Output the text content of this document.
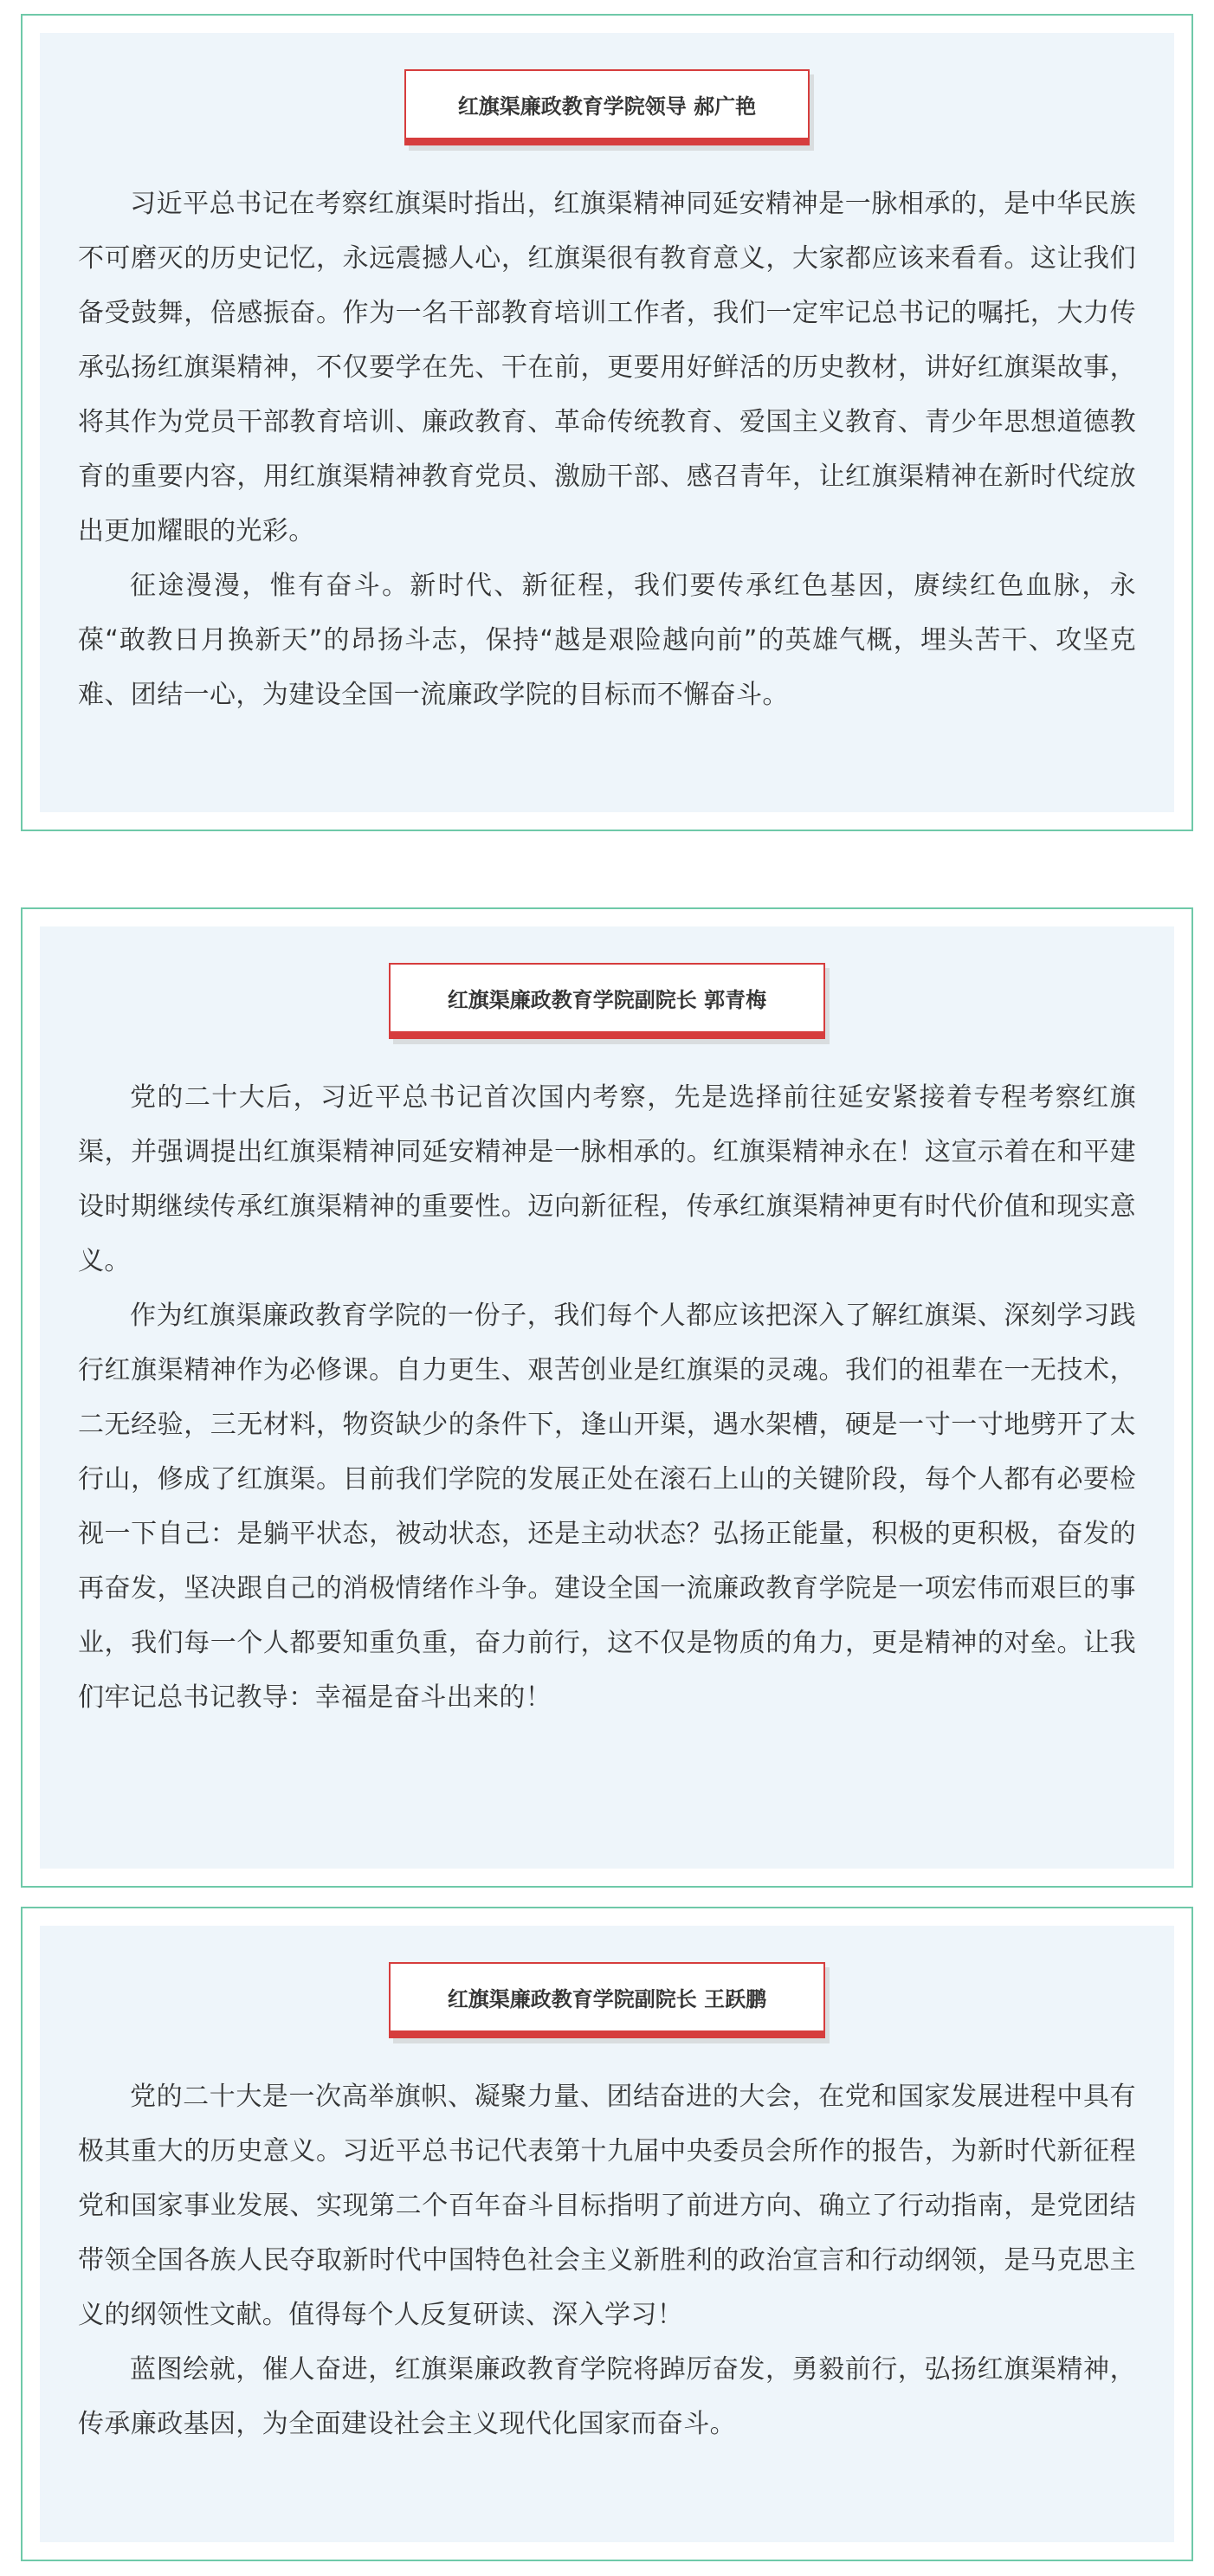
红旗渠廉政教育学院领导 郝广艳

习近平总书记在考察红旗渠时指出，红旗渠精神同延安精神是一脉相承的，是中华民族不可磨灭的历史记忆，永远震撼人心，红旗渠很有教育意义，大家都应该来看看。这让我们备受鼓舞，倍感振奋。作为一名干部教育培训工作者，我们一定牢记总书记的嘱托，大力传承弘扬红旗渠精神，不仅要学在先、干在前，更要用好鲜活的历史教材，讲好红旗渠故事，将其作为党员干部教育培训、廉政教育、革命传统教育、爱国主义教育、青少年思想道德教育的重要内容，用红旗渠精神教育党员、激励干部、感召青年，让红旗渠精神在新时代绽放出更加耀眼的光彩。

征途漫漫，惟有奋斗。新时代、新征程，我们要传承红色基因，赓续红色血脉，永葆“敢教日月换新天”的昂扬斗志，保持“越是艰险越向前”的英雄气概，埋头苦干、攻坚克难、团结一心，为建设全国一流廉政学院的目标而不懈奋斗。

红旗渠廉政教育学院副院长 郭青梅

党的二十大后，习近平总书记首次国内考察，先是选择前往延安紧接着专程考察红旗渠，并强调提出红旗渠精神同延安精神是一脉相承的。红旗渠精神永在！这宣示着在和平建设时期继续传承红旗渠精神的重要性。迈向新征程，传承红旗渠精神更有时代价值和现实意义。

作为红旗渠廉政教育学院的一份子，我们每个人都应该把深入了解红旗渠、深刻学习践行红旗渠精神作为必修课。自力更生、艰苦创业是红旗渠的灵魂。我们的祖辈在一无技术，二无经验，三无材料，物资缺少的条件下，逢山开渠，遇水架槽，硬是一寸一寸地劈开了太行山，修成了红旗渠。目前我们学院的发展正处在滚石上山的关键阶段，每个人都有必要检视一下自己：是躺平状态，被动状态，还是主动状态？弘扬正能量，积极的更积极，奋发的再奋发，坚决跟自己的消极情绪作斗争。建设全国一流廉政教育学院是一项宏伟而艰巨的事业，我们每一个人都要知重负重，奋力前行，这不仅是物质的角力，更是精神的对垒。让我们牢记总书记教导：幸福是奋斗出来的！

红旗渠廉政教育学院副院长 王跃鹏

党的二十大是一次高举旗帜、凝聚力量、团结奋进的大会，在党和国家发展进程中具有极其重大的历史意义。习近平总书记代表第十九届中央委员会所作的报告，为新时代新征程党和国家事业发展、实现第二个百年奋斗目标指明了前进方向、确立了行动指南，是党团结带领全国各族人民夺取新时代中国特色社会主义新胜利的政治宣言和行动纲领，是马克思主义的纲领性文献。值得每个人反复研读、深入学习！

蓝图绘就，催人奋进，红旗渠廉政教育学院将踔厉奋发，勇毅前行，弘扬红旗渠精神，传承廉政基因，为全面建设社会主义现代化国家而奋斗。
